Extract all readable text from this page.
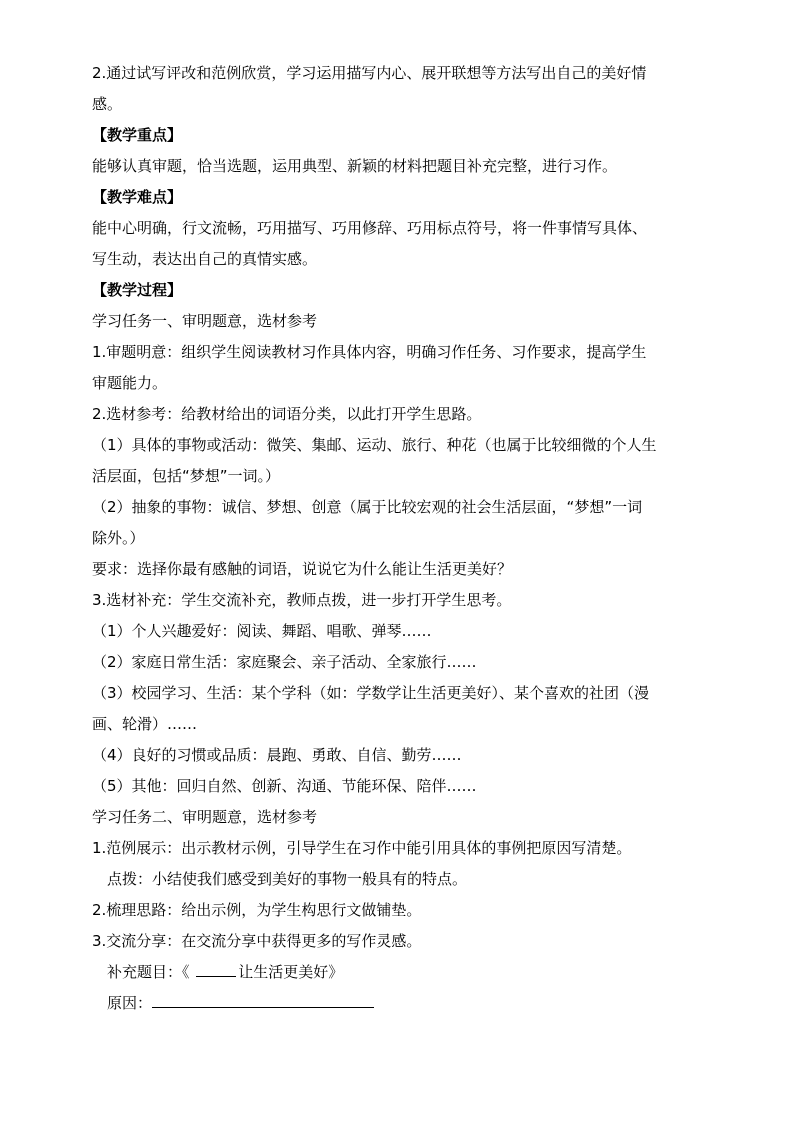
2.通过试写评改和范例欣赏，学习运用描写内心、展开联想等方法写出自己的美好情
感。
【教学重点】
能够认真审题，恰当选题，运用典型、新颖的材料把题目补充完整，进行习作。
【教学难点】
能中心明确，行文流畅，巧用描写、巧用修辞、巧用标点符号，将一件事情写具体、
写生动，表达出自己的真情实感。
【教学过程】
学习任务一、审明题意，选材参考
1.审题明意：组织学生阅读教材习作具体内容，明确习作任务、习作要求，提高学生
审题能力。
2.选材参考：给教材给出的词语分类，以此打开学生思路。
（1）具体的事物或活动：微笑、集邮、运动、旅行、种花（也属于比较细微的个人生
活层面，包括“梦想”一词。）
（2）抽象的事物：诚信、梦想、创意（属于比较宏观的社会生活层面，“梦想”一词
除外。）
要求：选择你最有感触的词语，说说它为什么能让生活更美好？
3.选材补充：学生交流补充，教师点拨，进一步打开学生思考。
（1）个人兴趣爱好：阅读、舞蹈、唱歌、弹琴……
（2）家庭日常生活：家庭聚会、亲子活动、全家旅行……
（3）校园学习、生活：某个学科（如：学数学让生活更美好）、某个喜欢的社团（漫
画、轮滑）……
（4）良好的习惯或品质：晨跑、勇敢、自信、勤劳……
（5）其他：回归自然、创新、沟通、节能环保、陪伴……
学习任务二、审明题意，选材参考
1.范例展示：出示教材示例，引导学生在习作中能引用具体的事例把原因写清楚。
点拨：小结使我们感受到美好的事物一般具有的特点。
2.梳理思路：给出示例，为学生构思行文做铺垫。
3.交流分享：在交流分享中获得更多的写作灵感。
补充题目：《	让生活更美好》
原因：
